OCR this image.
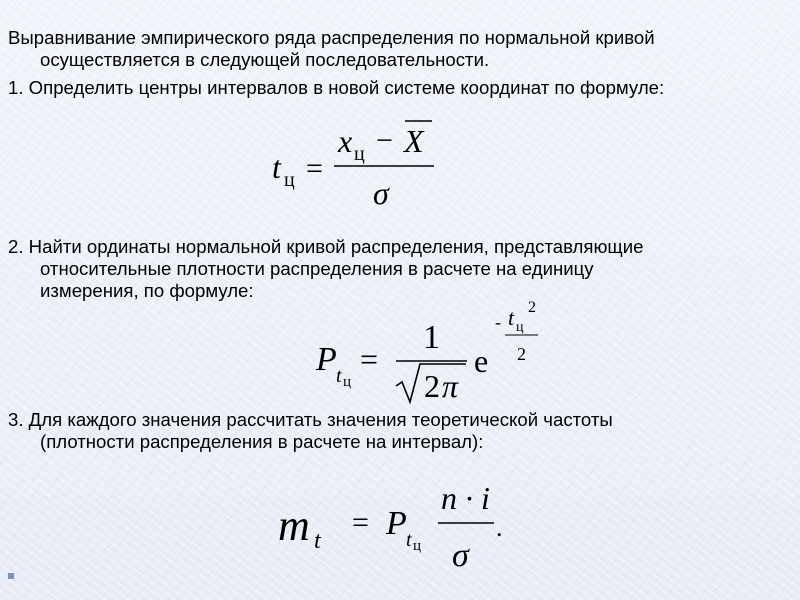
Выравнивание эмпирического ряда распределения по нормальной кривой
осуществляется в следующей последовательности.

1. Определить центры интервалов в новой системе координат по формуле:

t ц =
x ц − X
σ

2. Найти ординаты нормальной кривой распределения, представляющие
относительные плотности распределения в расчете на единицу
измерения, по формуле:

P t ц
=
1
2 π
e
- t ц
2
2

3. Для каждого значения рассчитать значения теоретической частоты
(плотности распределения в расчете на интервал):

m t
= P t ц
n · i
σ
.
